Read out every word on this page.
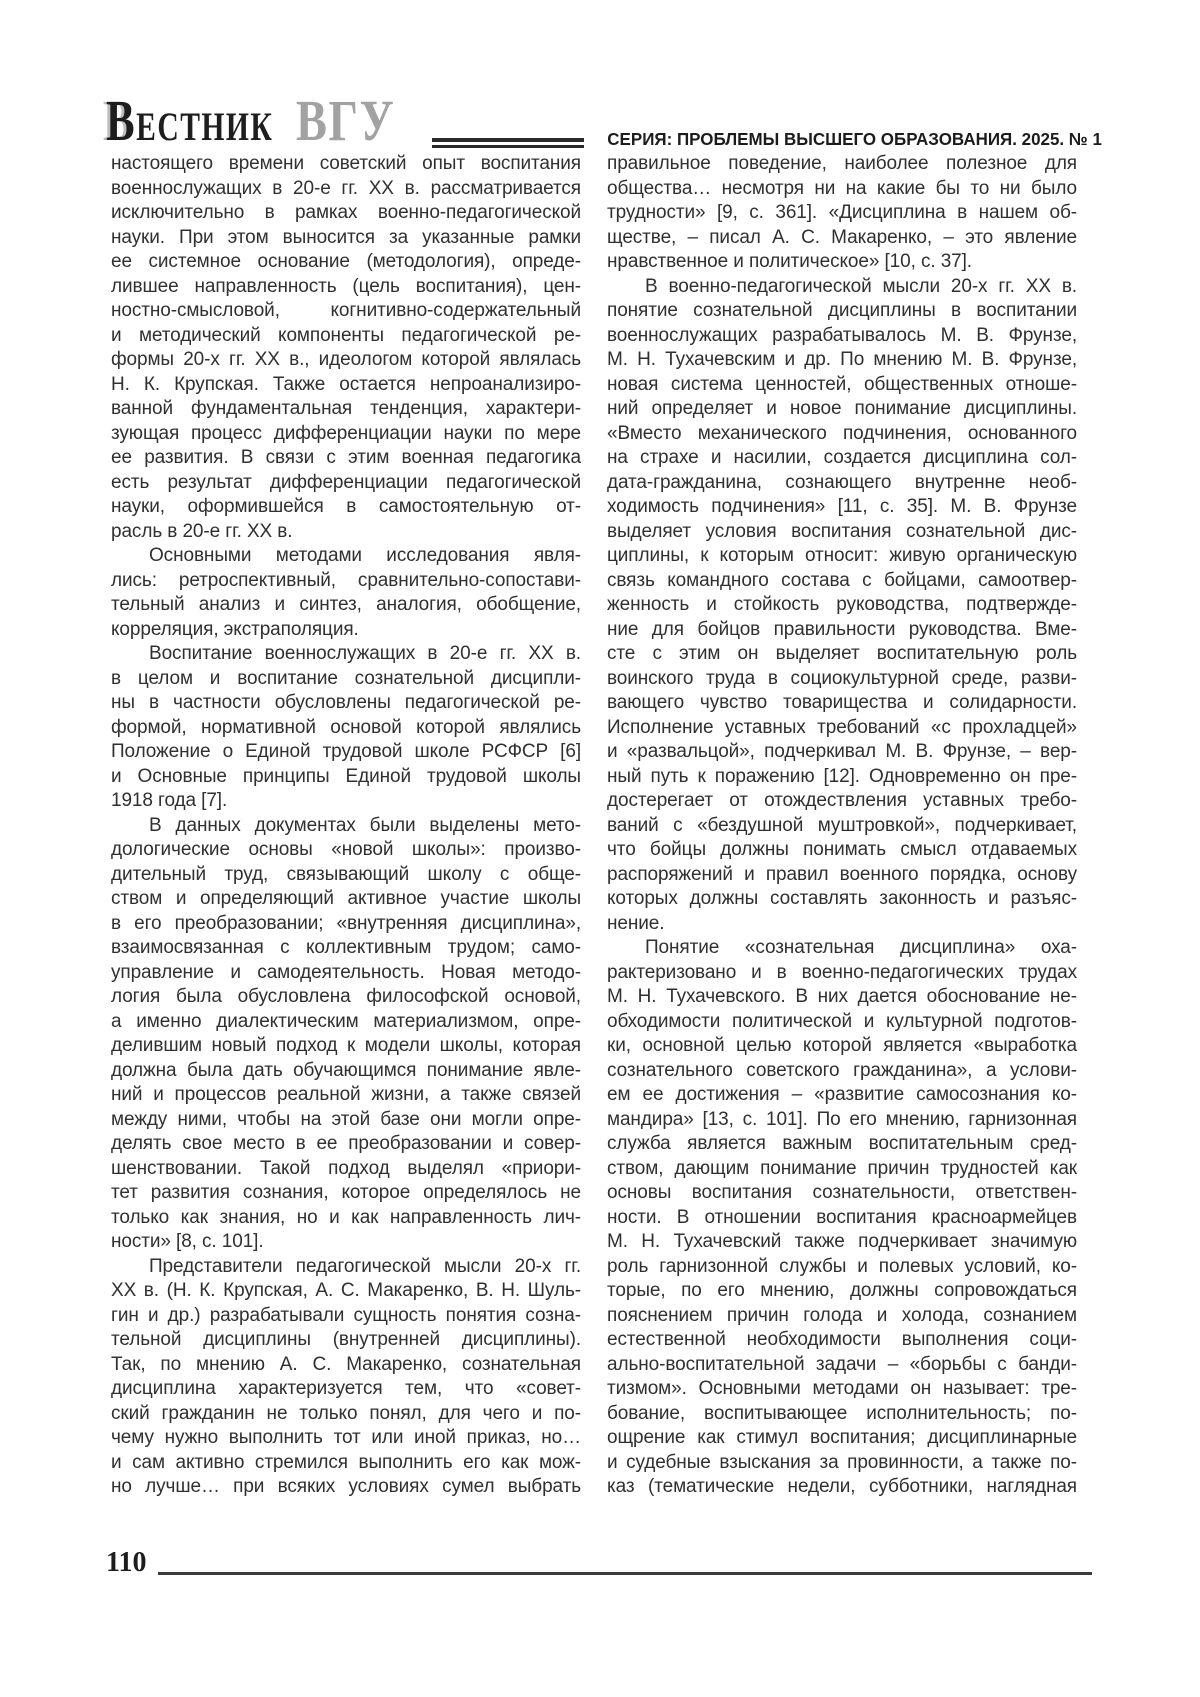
ВЕСТНИК ВГУ	СЕРИЯ: ПРОБЛЕМЫ ВЫСШЕГО ОБРАЗОВАНИЯ. 2025. № 1
настоящего времени советский опыт воспитания
военнослужащих в 20-е гг. XX в. рассматривается
исключительно в рамках военно-педагогической
науки. При этом выносится за указанные рамки
ее системное основание (методология), опреде-
лившее направленность (цель воспитания), цен-
ностно-смысловой, когнитивно-содержательный
и методический компоненты педагогической ре-
формы 20-х гг. XX в., идеологом которой являлась
Н. К. Крупская. Также остается непроанализиро-
ванной фундаментальная тенденция, характери-
зующая процесс дифференциации науки по мере
ее развития. В связи с этим военная педагогика
есть результат дифференциации педагогической
науки, оформившейся в самостоятельную от-
расль в 20-е гг. XX в.
Основными методами исследования явля-
лись: ретроспективный, сравнительно-сопостави-
тельный анализ и синтез, аналогия, обобщение,
корреляция, экстраполяция.
Воспитание военнослужащих в 20-е гг. XX в.
в целом и воспитание сознательной дисципли-
ны в частности обусловлены педагогической ре-
формой, нормативной основой которой являлись
Положение о Единой трудовой школе РСФСР [6]
и Основные принципы Единой трудовой школы
1918 года [7].
В данных документах были выделены мето-
дологические основы «новой школы»: произво-
дительный труд, связывающий школу с обще-
ством и определяющий активное участие школы
в его преобразовании; «внутренняя дисциплина»,
взаимосвязанная с коллективным трудом; само-
управление и самодеятельность. Новая методо-
логия была обусловлена философской основой,
а именно диалектическим материализмом, опре-
делившим новый подход к модели школы, которая
должна была дать обучающимся понимание явле-
ний и процессов реальной жизни, а также связей
между ними, чтобы на этой базе они могли опре-
делять свое место в ее преобразовании и совер-
шенствовании. Такой подход выделял «приори-
тет развития сознания, которое определялось не
только как знания, но и как направленность лич-
ности» [8, с. 101].
Представители педагогической мысли 20-х гг.
XX в. (Н. К. Крупская, А. С. Макаренко, В. Н. Шуль-
гин и др.) разрабатывали сущность понятия созна-
тельной дисциплины (внутренней дисциплины).
Так, по мнению А. С. Макаренко, сознательная
дисциплина характеризуется тем, что «совет-
ский гражданин не только понял, для чего и по-
чему нужно выполнить тот или иной приказ, но…
и сам активно стремился выполнить его как мож-
но лучше… при всяких условиях сумел выбрать
правильное поведение, наиболее полезное для
общества… несмотря ни на какие бы то ни было
трудности» [9, с. 361]. «Дисциплина в нашем об-
ществе, – писал А. С. Макаренко, – это явление
нравственное и политическое» [10, с. 37].
В военно-педагогической мысли 20-х гг. XX в.
понятие сознательной дисциплины в воспитании
военнослужащих разрабатывалось М. В. Фрунзе,
М. Н. Тухачевским и др. По мнению М. В. Фрунзе,
новая система ценностей, общественных отноше-
ний определяет и новое понимание дисциплины.
«Вместо механического подчинения, основанного
на страхе и насилии, создается дисциплина сол-
дата-гражданина, сознающего внутренне необ-
ходимость подчинения» [11, с. 35]. М. В. Фрунзе
выделяет условия воспитания сознательной дис-
циплины, к которым относит: живую органическую
связь командного состава с бойцами, самоотвер-
женность и стойкость руководства, подтвержде-
ние для бойцов правильности руководства. Вме-
сте с этим он выделяет воспитательную роль
воинского труда в социокультурной среде, разви-
вающего чувство товарищества и солидарности.
Исполнение уставных требований «с прохладцей»
и «развальцой», подчеркивал М. В. Фрунзе, – вер-
ный путь к поражению [12]. Одновременно он пре-
достерегает от отождествления уставных требо-
ваний с «бездушной муштровкой», подчеркивает,
что бойцы должны понимать смысл отдаваемых
распоряжений и правил военного порядка, основу
которых должны составлять законность и разъяс-
нение.
Понятие «сознательная дисциплина» оха-
рактеризовано и в военно-педагогических трудах
М. Н. Тухачевского. В них дается обоснование не-
обходимости политической и культурной подготов-
ки, основной целью которой является «выработка
сознательного советского гражданина», а услови-
ем ее достижения – «развитие самосознания ко-
мандира» [13, с. 101]. По его мнению, гарнизонная
служба является важным воспитательным сред-
ством, дающим понимание причин трудностей как
основы воспитания сознательности, ответствен-
ности. В отношении воспитания красноармейцев
М. Н. Тухачевский также подчеркивает значимую
роль гарнизонной службы и полевых условий, ко-
торые, по его мнению, должны сопровождаться
пояснением причин голода и холода, сознанием
естественной необходимости выполнения соци-
ально-воспитательной задачи – «борьбы с банди-
тизмом». Основными методами он называет: тре-
бование, воспитывающее исполнительность; по-
ощрение как стимул воспитания; дисциплинарные
и судебные взыскания за провинности, а также по-
каз (тематические недели, субботники, наглядная
110
